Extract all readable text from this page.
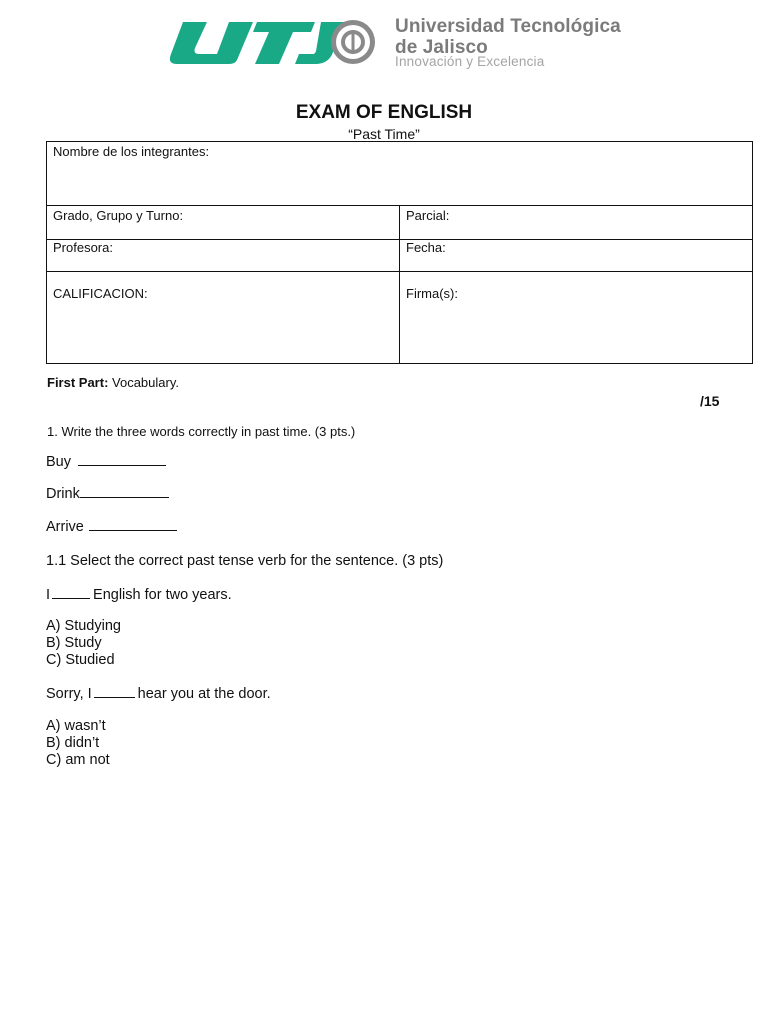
Universidad Tecnológica
de Jalisco
Innovación y Excelencia
EXAM OF ENGLISH
“Past Time”
Nombre de los integrantes:	
Grado, Grupo y Turno:	Parcial:
Profesora:	Fecha:
CALIFICACION:	Firma(s):
First Part: Vocabulary.
/15
1. Write the three words correctly in past time. (3 pts.)
Buy
Drink
Arrive
1.1 Select the correct past tense verb for the sentence. (3 pts)
I	English for two years.
A) Studying
B) Study
C) Studied
Sorry, I	hear you at the door.
A) wasn’t
B) didn’t
C) am not
